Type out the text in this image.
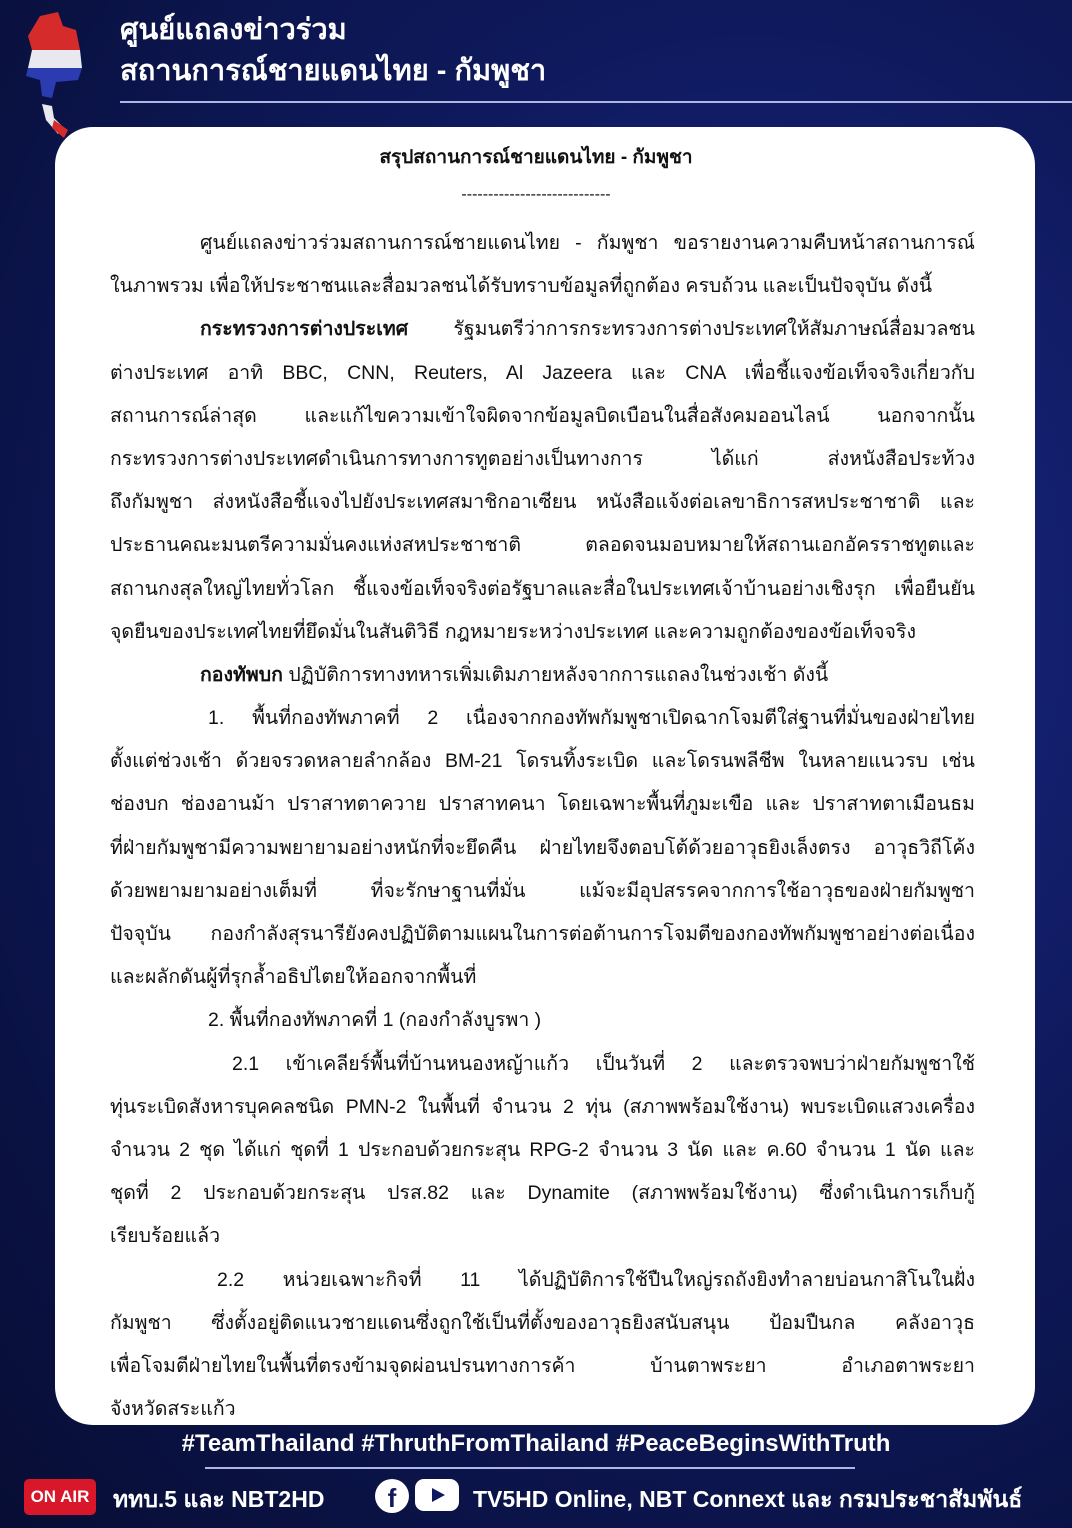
ศูนย์แถลงข่าวร่วม
สถานการณ์ชายแดนไทย - กัมพูชา
สรุปสถานการณ์ชายแดนไทย - กัมพูชา
----------------------------
ศูนย์แถลงข่าวร่วมสถานการณ์ชายแดนไทย - กัมพูชา ขอรายงานความคืบหน้าสถานการณ์
ในภาพรวม เพื่อให้ประชาชนและสื่อมวลชนได้รับทราบข้อมูลที่ถูกต้อง ครบถ้วน และเป็นปัจจุบัน ดังนี้
กระทรวงการต่างประเทศ รัฐมนตรีว่าการกระทรวงการต่างประเทศให้สัมภาษณ์สื่อมวลชน
ต่างประเทศ อาทิ BBC, CNN, Reuters, Al Jazeera และ CNA เพื่อชี้แจงข้อเท็จจริงเกี่ยวกับ
สถานการณ์ล่าสุด และแก้ไขความเข้าใจผิดจากข้อมูลบิดเบือนในสื่อสังคมออนไลน์ นอกจากนั้น
กระทรวงการต่างประเทศดำเนินการทางการทูตอย่างเป็นทางการ ได้แก่ ส่งหนังสือประท้วง
ถึงกัมพูชา ส่งหนังสือชี้แจงไปยังประเทศสมาชิกอาเซียน หนังสือแจ้งต่อเลขาธิการสหประชาชาติ และ
ประธานคณะมนตรีความมั่นคงแห่งสหประชาชาติ ตลอดจนมอบหมายให้สถานเอกอัครราชทูตและ
สถานกงสุลใหญ่ไทยทั่วโลก ชี้แจงข้อเท็จจริงต่อรัฐบาลและสื่อในประเทศเจ้าบ้านอย่างเชิงรุก เพื่อยืนยัน
จุดยืนของประเทศไทยที่ยึดมั่นในสันติวิธี กฎหมายระหว่างประเทศ และความถูกต้องของข้อเท็จจริง
กองทัพบก ปฏิบัติการทางทหารเพิ่มเติมภายหลังจากการแถลงในช่วงเช้า ดังนี้
1. พื้นที่กองทัพภาคที่ 2 เนื่องจากกองทัพกัมพูชาเปิดฉากโจมตีใส่ฐานที่มั่นของฝ่ายไทย
ตั้งแต่ช่วงเช้า ด้วยจรวดหลายลำกล้อง BM-21 โดรนทิ้งระเบิด และโดรนพลีชีพ ในหลายแนวรบ เช่น
ช่องบก ช่องอานม้า ปราสาทตาควาย ปราสาทคนา โดยเฉพาะพื้นที่ภูมะเขือ และ ปราสาทตาเมือนธม
ที่ฝ่ายกัมพูชามีความพยายามอย่างหนักที่จะยึดคืน ฝ่ายไทยจึงตอบโต้ด้วยอาวุธยิงเล็งตรง อาวุธวิถีโค้ง
ด้วยพยามยามอย่างเต็มที่ ที่จะรักษาฐานที่มั่น แม้จะมีอุปสรรคจากการใช้อาวุธของฝ่ายกัมพูชา
ปัจจุบัน กองกำลังสุรนารียังคงปฏิบัติตามแผนในการต่อต้านการโจมตีของกองทัพกัมพูชาอย่างต่อเนื่อง
และผลักดันผู้ที่รุกล้ำอธิปไตยให้ออกจากพื้นที่
2. พื้นที่กองทัพภาคที่ 1 (กองกำลังบูรพา )
2.1 เข้าเคลียร์พื้นที่บ้านหนองหญ้าแก้ว เป็นวันที่ 2 และตรวจพบว่าฝ่ายกัมพูชาใช้
ทุ่นระเบิดสังหารบุคคลชนิด PMN-2 ในพื้นที่ จำนวน 2 ทุ่น (สภาพพร้อมใช้งาน) พบระเบิดแสวงเครื่อง
จำนวน 2 ชุด ได้แก่ ชุดที่ 1 ประกอบด้วยกระสุน RPG-2 จำนวน 3 นัด และ ค.60 จำนวน 1 นัด และ
ชุดที่ 2 ประกอบด้วยกระสุน ปรส.82 และ Dynamite (สภาพพร้อมใช้งาน) ซึ่งดำเนินการเก็บกู้
เรียบร้อยแล้ว
2.2 หน่วยเฉพาะกิจที่ 11 ได้ปฏิบัติการใช้ปืนใหญ่รถถังยิงทำลายบ่อนกาสิโนในฝั่ง
กัมพูชา ซึ่งตั้งอยู่ติดแนวชายแดนซึ่งถูกใช้เป็นที่ตั้งของอาวุธยิงสนับสนุน ป้อมปืนกล คลังอาวุธ
เพื่อโจมตีฝ่ายไทยในพื้นที่ตรงข้ามจุดผ่อนปรนทางการค้า บ้านตาพระยา อำเภอตาพระยา
จังหวัดสระแก้ว
#TeamThailand #ThruthFromThailand #PeaceBeginsWithTruth
ON AIR ททบ.5 และ NBT2HD	f	TV5HD Online, NBT Connext และ กรมประชาสัมพันธ์
